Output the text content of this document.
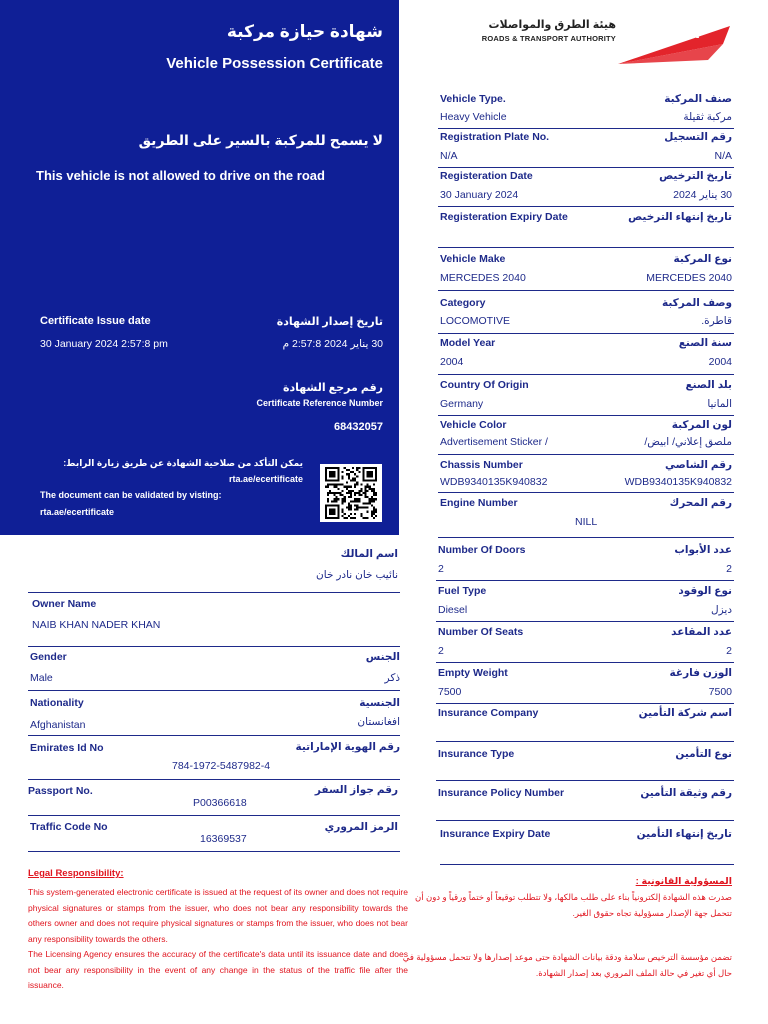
شهادة حيازة مركبة
Vehicle Possession Certificate
لا يسمح للمركبة بالسير على الطريق
This vehicle is not allowed to drive on the road
Certificate Issue date	تاريخ إصدار الشهادة
30 January 2024 2:57:8 pm	30 يناير 2024 2:57:8 م
رقم مرجع الشهادة
Certificate Reference Number
68432057
يمكن التأكد من صلاحية الشهادة عن طريق زيارة الرابط:
rta.ae/ecertificate
The document can be validated by visting:
rta.ae/ecertificate
RTA
هيئة الطرق والمواصلات
ROADS & TRANSPORT AUTHORITY
Vehicle Type.	صنف المركبة
Heavy Vehicle	مركبة ثقيلة
Registration Plate No.	رقم التسجيل
N/A	N/A
Registeration Date	تاريخ الترخيص
30 January 2024	30 يناير 2024
Registeration Expiry Date	تاريخ إنتهاء الترخيص
Vehicle Make	نوع المركبة
MERCEDES 2040	MERCEDES 2040
Category	وصف المركبة
LOCOMOTIVE	قاطرة.
Model Year	سنة الصنع
2004	2004
Country Of Origin	بلد الصنع
Germany	المانيا
Vehicle Color	لون المركبة
Advertisement Sticker /	ملصق إعلاني/ ابيض/
Chassis Number	رقم الشاصي
WDB9340135K940832	WDB9340135K940832
Engine Number	رقم المحرك
NILL
Number Of Doors	عدد الأبواب
2	2
Fuel Type	نوع الوقود
Diesel	ديزل
Number Of Seats	عدد المقاعد
2	2
Empty Weight	الوزن فارغة
7500	7500
Insurance Company	اسم شركة التأمين
Insurance Type	نوع التأمين
Insurance Policy Number	رقم وثيقة التأمين
Insurance Expiry Date	تاريخ إنتهاء التأمين
اسم المالك
نائيب خان نادر خان
Owner Name
NAIB KHAN NADER KHAN
Gender	الجنس
Male	ذكر
Nationality	الجنسية
Afghanistan	افغانستان
Emirates Id No	رقم الهوية الإماراتية
784-1972-5487982-4
Passport No.	رقم جواز السفر
P00366618
Traffic Code No	الرمز المروري
16369537
Legal Responsibility:
This system-generated electronic certificate is issued at the request of its owner and does not require physical signatures or stamps from the issuer, who does not bear any responsibility towards the others owner and does not require physical signatures or stamps from the issuer, who does not bear any responsibility towards the others.
The Licensing Agency ensures the accuracy of the certificate's data until its issuance date and does not bear any responsibility in the event of any change in the status of the traffic file after the issuance.
المسؤولية القانونية :
صدرت هذه الشهادة إلكترونياً بناء على طلب مالكها، ولا تتطلب توقيعاً أو ختماً ورقياً و دون أن تتحمل جهة الإصدار مسؤولية تجاه حقوق الغير.
تضمن مؤسسة الترخيص سلامة ودقة بيانات الشهادة حتى موعد إصدارها ولا تتحمل مسؤولية في حال أي تغير في حالة الملف المروري بعد إصدار الشهادة.
